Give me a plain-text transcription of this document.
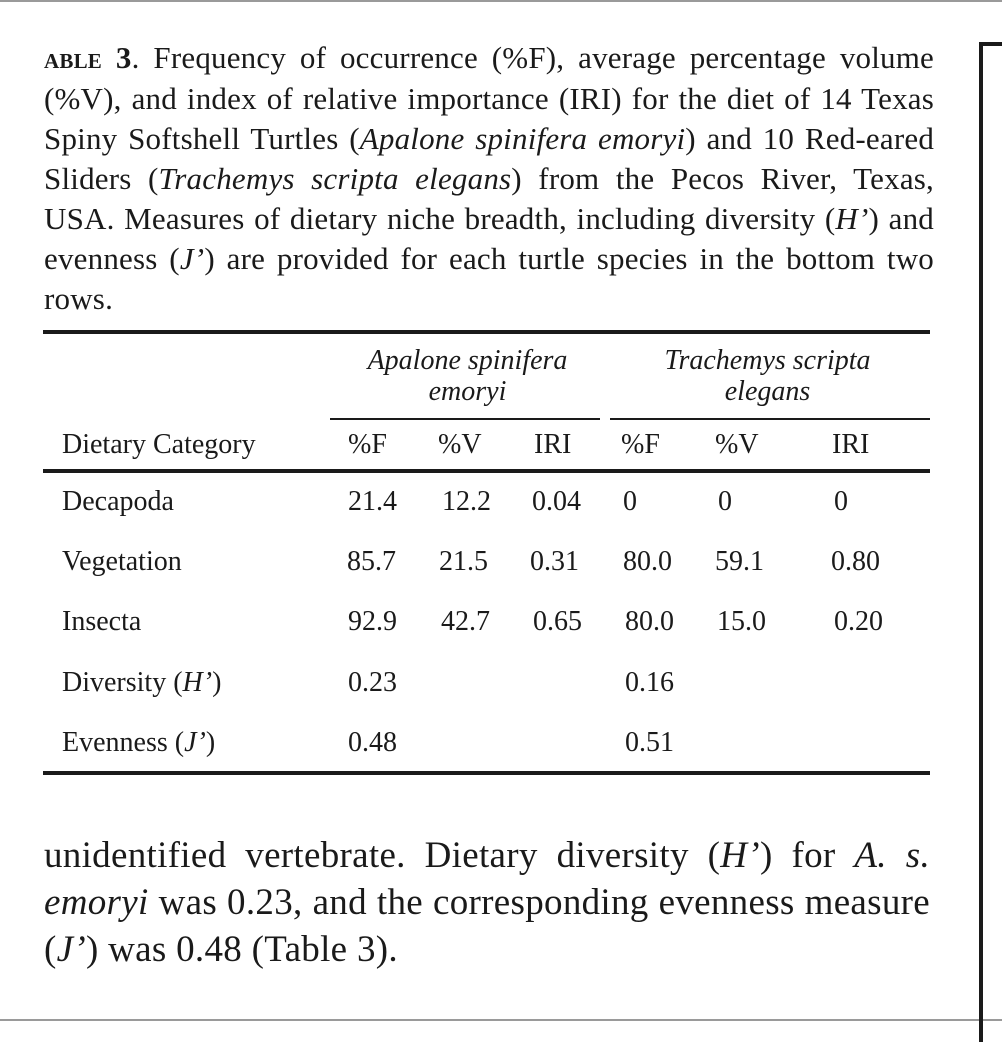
able 3. Frequency of occurrence (%F), average percentage volume (%V), and index of relative importance (IRI) for the diet of 14 Texas Spiny Softshell Turtles (Apalone spinifera emoryi) and 10 Red-eared Sliders (Trachemys scripta elegans) from the Pecos River, Texas, USA. Measures of dietary niche breadth, including diversity (H’) and evenness (J’) are provided for each turtle species in the bottom two rows.
Apalone spinifera
emoryi
Trachemys scripta
elegans
Dietary Category	%F %V IRI %F %V	IRI
Decapoda	21.4 12.2 0.04 0	0	0
Vegetation	85.7 21.5 0.31 80.0 59.1 0.80
Insecta	92.9 42.7 0.65 80.0 15.0 0.20
Diversity (H’)	0.23	0.16
Evenness (J’)	0.48	0.51
unidentified vertebrate. Dietary diversity (H’) for A. s. emoryi was 0.23, and the corresponding evenness measure (J’) was 0.48 (Table 3).
